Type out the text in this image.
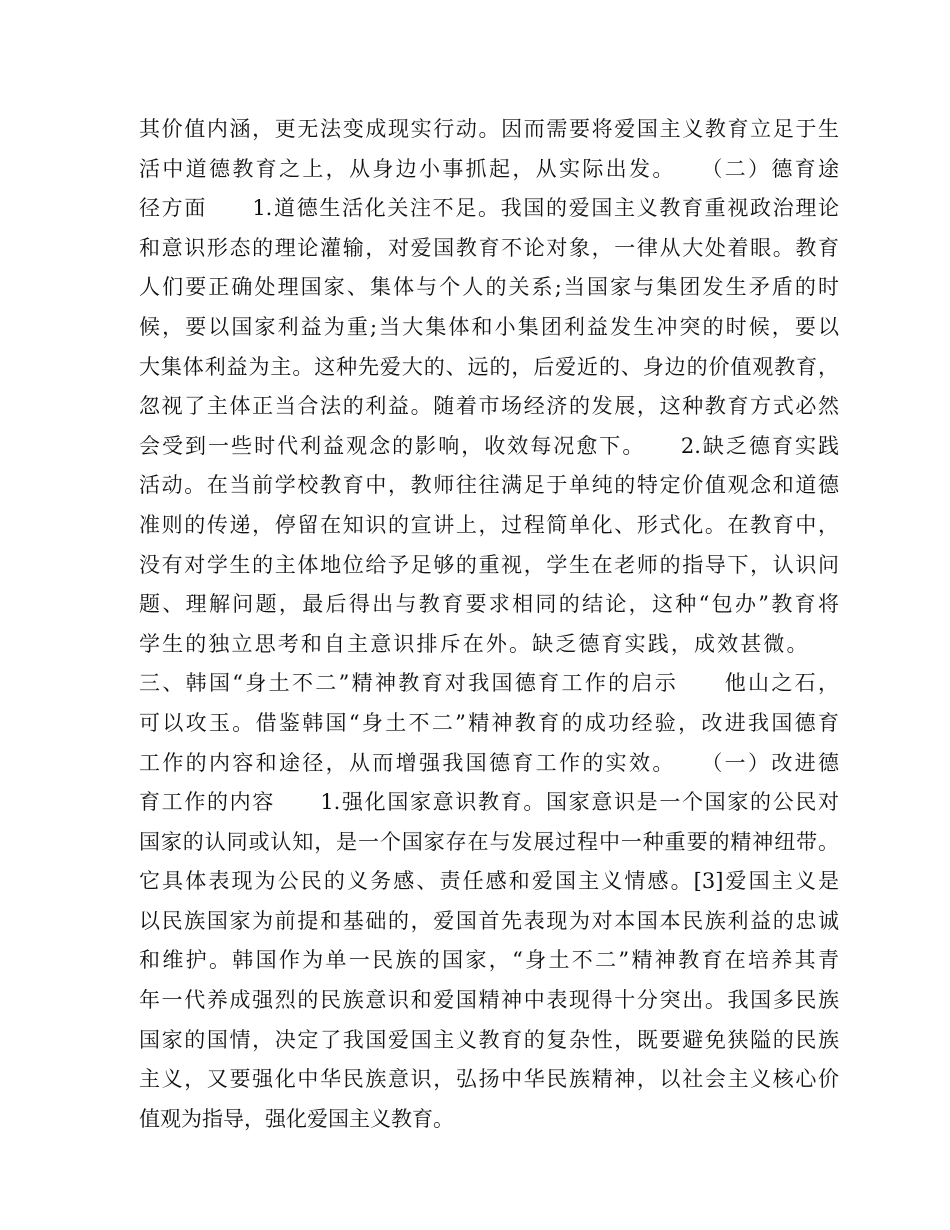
其价值内涵，更无法变成现实行动。因而需要将爱国主义教育立足于生
活中道德教育之上，从身边小事抓起，从实际出发。　　（二）德育途
径方面　　1.道德生活化关注不足。我国的爱国主义教育重视政治理论
和意识形态的理论灌输，对爱国教育不论对象，一律从大处着眼。教育
人们要正确处理国家、集体与个人的关系;当国家与集团发生矛盾的时
候，要以国家利益为重;当大集体和小集团利益发生冲突的时候，要以
大集体利益为主。这种先爱大的、远的，后爱近的、身边的价值观教育，
忽视了主体正当合法的利益。随着市场经济的发展，这种教育方式必然
会受到一些时代利益观念的影响，收效每况愈下。　　2.缺乏德育实践
活动。在当前学校教育中，教师往往满足于单纯的特定价值观念和道德
准则的传递，停留在知识的宣讲上，过程简单化、形式化。在教育中，
没有对学生的主体地位给予足够的重视，学生在老师的指导下，认识问
题、理解问题，最后得出与教育要求相同的结论，这种“包办”教育将
学生的独立思考和自主意识排斥在外。缺乏德育实践，成效甚微。　　
三、韩国“身土不二”精神教育对我国德育工作的启示　　他山之石，
可以攻玉。借鉴韩国“身土不二”精神教育的成功经验，改进我国德育
工作的内容和途径，从而增强我国德育工作的实效。　　（一）改进德
育工作的内容　　1.强化国家意识教育。国家意识是一个国家的公民对
国家的认同或认知，是一个国家存在与发展过程中一种重要的精神纽带。
它具体表现为公民的义务感、责任感和爱国主义情感。[3]爱国主义是
以民族国家为前提和基础的，爱国首先表现为对本国本民族利益的忠诚
和维护。韩国作为单一民族的国家，“身土不二”精神教育在培养其青
年一代养成强烈的民族意识和爱国精神中表现得十分突出。我国多民族
国家的国情，决定了我国爱国主义教育的复杂性，既要避免狭隘的民族
主义，又要强化中华民族意识，弘扬中华民族精神，以社会主义核心价
值观为指导，强化爱国主义教育。
